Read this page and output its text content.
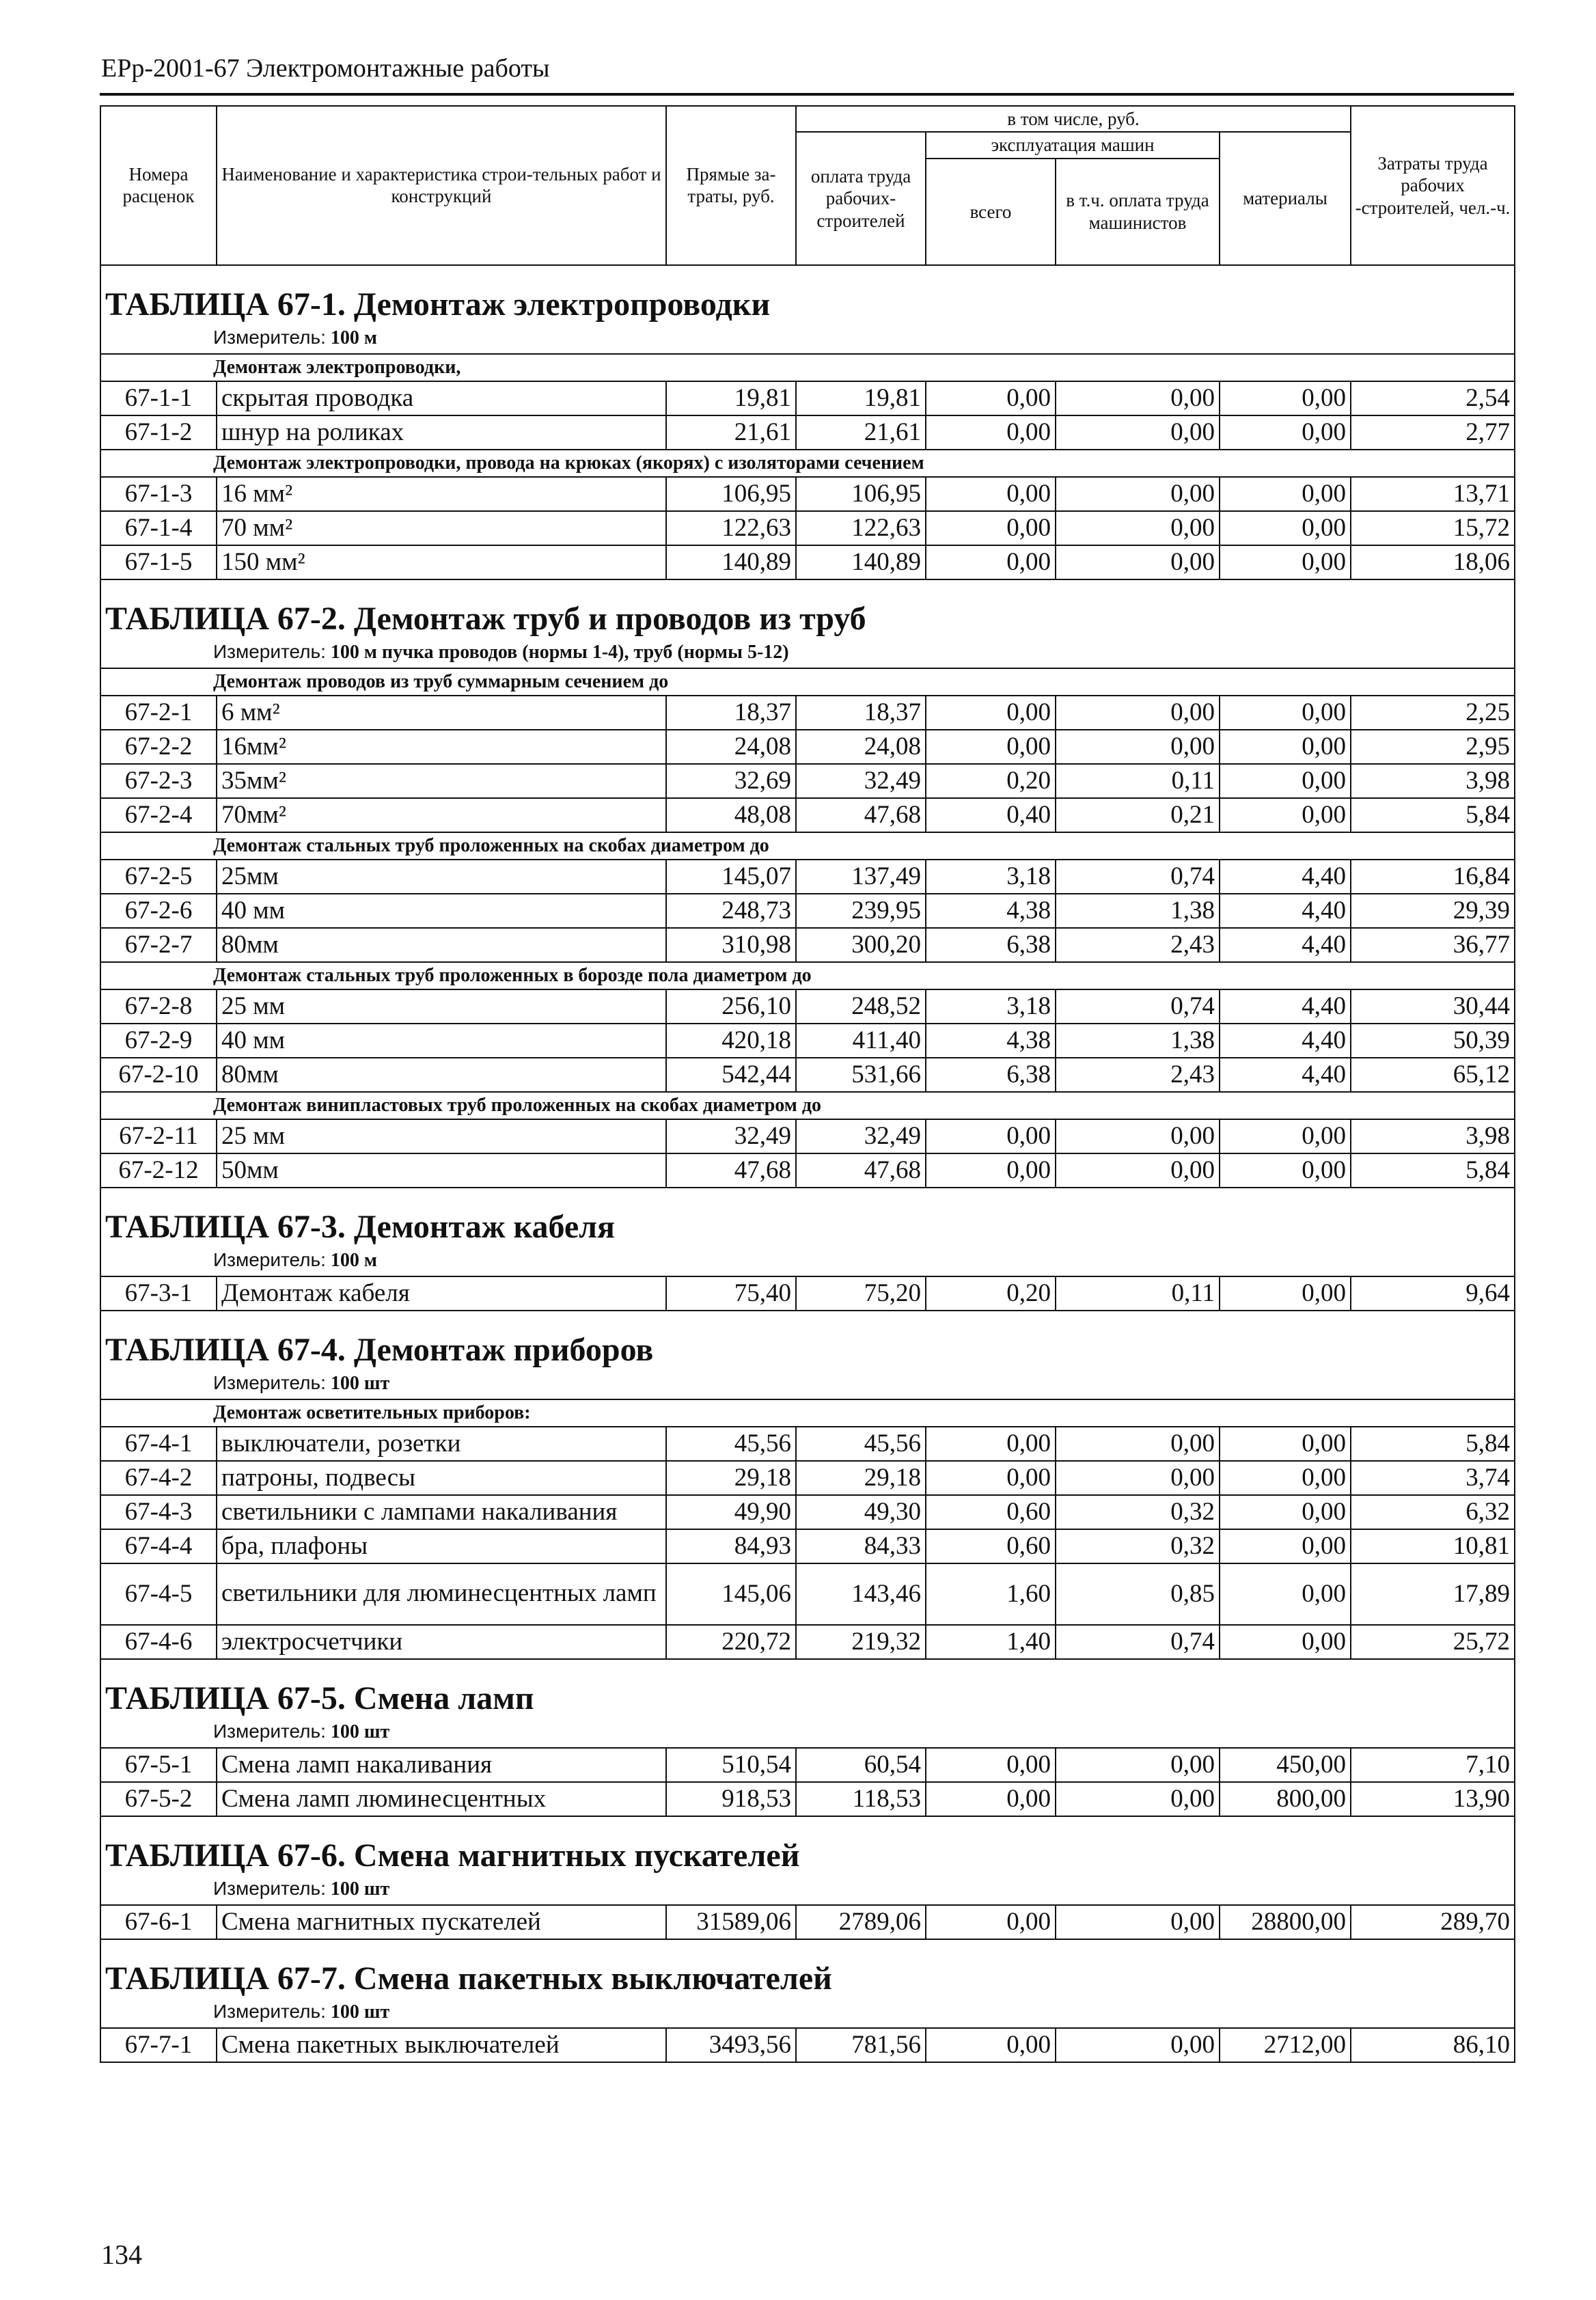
ЕРр-2001-67 Электромонтажные работы
Номера расценок	Наименование и характеристика строи-тельных работ и конструкций	Прямые за-траты, руб.	в том числе, руб.				Затраты труда рабочих -строителей, чел.-ч.
			оплата труда рабочих-строителей	эксплуатация машин		материалы	
				всего	в т.ч. оплата труда машинистов		
ТАБЛИЦА 67-1. Демонтаж электропроводки							
Измеритель: 100 м							
Демонтаж электропроводки,							
67-1-1	скрытая проводка	19,81	19,81	0,00	0,00	0,00	2,54
67-1-2	шнур на роликах	21,61	21,61	0,00	0,00	0,00	2,77
Демонтаж электропроводки, провода на крюках (якорях) с изоляторами сечением							
67-1-3	16 мм²	106,95	106,95	0,00	0,00	0,00	13,71
67-1-4	70 мм²	122,63	122,63	0,00	0,00	0,00	15,72
67-1-5	150 мм²	140,89	140,89	0,00	0,00	0,00	18,06
ТАБЛИЦА 67-2. Демонтаж труб и проводов из труб							
Измеритель: 100 м пучка проводов (нормы 1-4), труб (нормы 5-12)							
Демонтаж проводов из труб суммарным сечением до							
67-2-1	6 мм²	18,37	18,37	0,00	0,00	0,00	2,25
67-2-2	16мм²	24,08	24,08	0,00	0,00	0,00	2,95
67-2-3	35мм²	32,69	32,49	0,20	0,11	0,00	3,98
67-2-4	70мм²	48,08	47,68	0,40	0,21	0,00	5,84
Демонтаж стальных труб проложенных на скобах диаметром до							
67-2-5	25мм	145,07	137,49	3,18	0,74	4,40	16,84
67-2-6	40 мм	248,73	239,95	4,38	1,38	4,40	29,39
67-2-7	80мм	310,98	300,20	6,38	2,43	4,40	36,77
Демонтаж стальных труб проложенных в борозде пола диаметром до							
67-2-8	25 мм	256,10	248,52	3,18	0,74	4,40	30,44
67-2-9	40 мм	420,18	411,40	4,38	1,38	4,40	50,39
67-2-10	80мм	542,44	531,66	6,38	2,43	4,40	65,12
Демонтаж винипластовых труб проложенных на скобах диаметром до							
67-2-11	25 мм	32,49	32,49	0,00	0,00	0,00	3,98
67-2-12	50мм	47,68	47,68	0,00	0,00	0,00	5,84
ТАБЛИЦА 67-3. Демонтаж кабеля							
Измеритель: 100 м							
67-3-1	Демонтаж кабеля	75,40	75,20	0,20	0,11	0,00	9,64
ТАБЛИЦА 67-4. Демонтаж приборов							
Измеритель: 100 шт							
Демонтаж осветительных приборов:							
67-4-1	выключатели, розетки	45,56	45,56	0,00	0,00	0,00	5,84
67-4-2	патроны, подвесы	29,18	29,18	0,00	0,00	0,00	3,74
67-4-3	светильники с лампами накаливания	49,90	49,30	0,60	0,32	0,00	6,32
67-4-4	бра, плафоны	84,93	84,33	0,60	0,32	0,00	10,81
67-4-5	светильники для люминесцентных ламп	145,06	143,46	1,60	0,85	0,00	17,89
67-4-6	электросчетчики	220,72	219,32	1,40	0,74	0,00	25,72
ТАБЛИЦА 67-5. Смена ламп							
Измеритель: 100 шт							
67-5-1	Смена ламп накаливания	510,54	60,54	0,00	0,00	450,00	7,10
67-5-2	Смена ламп люминесцентных	918,53	118,53	0,00	0,00	800,00	13,90
ТАБЛИЦА 67-6. Смена магнитных пускателей							
Измеритель: 100 шт							
67-6-1	Смена магнитных пускателей	31589,06	2789,06	0,00	0,00	28800,00	289,70
ТАБЛИЦА 67-7. Смена пакетных выключателей							
Измеритель: 100 шт							
67-7-1	Смена пакетных выключателей	3493,56	781,56	0,00	0,00	2712,00	86,10
134
